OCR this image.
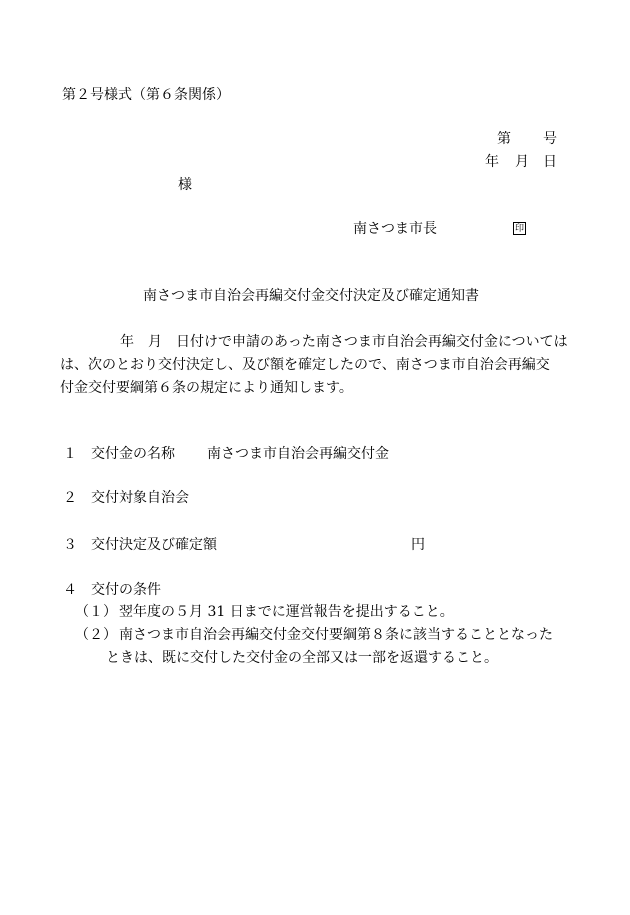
第２号様式（第６条関係）
第 号
年 月 日
様
南さつま市長	印
南さつま市自治会再編交付金交付決定及び確定通知書
年　月　日付けで申請のあった南さつま市自治会再編交付金については
は、次のとおり交付決定し、及び額を確定したので、南さつま市自治会再編交
付金交付要綱第６条の規定により通知します。
１ 交付金の名称 南さつま市自治会再編交付金
２ 交付対象自治会
３ 交付決定及び確定額	円
４ 交付の条件
（１） 翌年度の５月 31 日までに運営報告を提出すること。
（２） 南さつま市自治会再編交付金交付要綱第８条に該当することとなった
ときは、既に交付した交付金の全部又は一部を返還すること。
